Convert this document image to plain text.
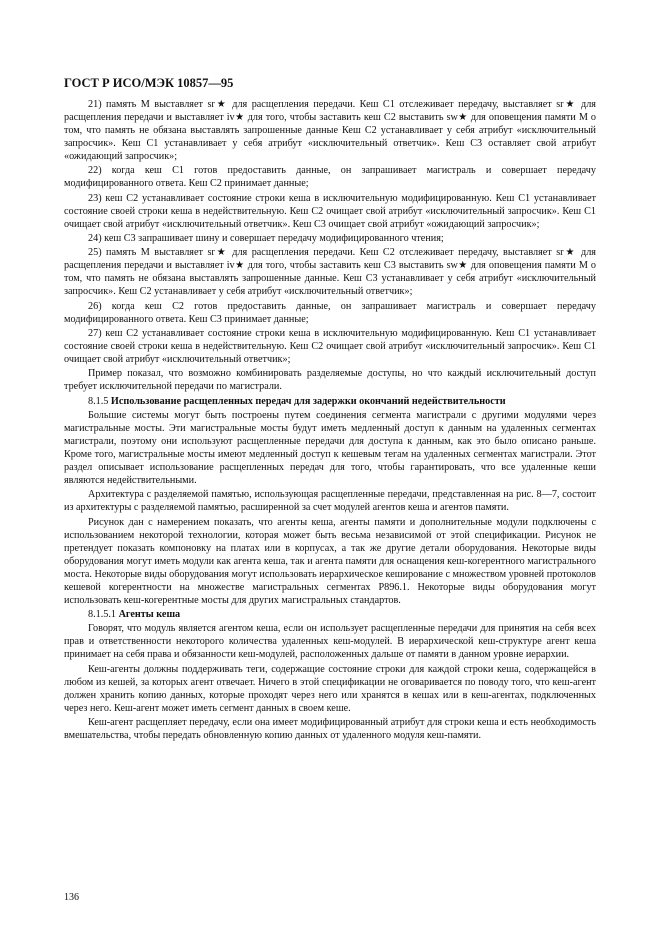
ГОСТ Р ИСО/МЭК 10857—95

21) память М выставляет sr★ для расщепления передачи. Кеш С1 отслеживает передачу, выставляет sr★ для расщепления передачи и выставляет iv★ для того, чтобы заставить кеш С2 выставить sw★ для оповещения памяти М о том, что память не обязана выставлять запрошенные данные Кеш С2 устанавливает у себя атрибут «исключительный запросчик». Кеш С1 устанавливает у себя атрибут «исключительный ответчик». Кеш С3 оставляет свой атрибут «ожидающий запросчик»;

22) когда кеш С1 готов предоставить данные, он запрашивает магистраль и совершает передачу модифицированного ответа. Кеш С2 принимает данные;

23) кеш С2 устанавливает состояние строки кеша в исключительную модифицированную. Кеш С1 устанавливает состояние своей строки кеша в недействительную. Кеш С2 очищает свой атрибут «исключительный запросчик». Кеш С1 очищает свой атрибут «исключительный ответчик». Кеш С3 очищает свой атрибут «ожидающий запросчик»;

24) кеш С3 запрашивает шину и совершает передачу модифицированного чтения;

25) память М выставляет sr★ для расщепления передачи. Кеш С2 отслеживает передачу, выставляет sr★ для расщепления передачи и выставляет iv★ для того, чтобы заставить кеш С3 выставить sw★ для оповещения памяти М о том, что память не обязана выставлять запрошенные данные. Кеш С3 устанавливает у себя атрибут «исключительный запросчик». Кеш С2 устанавливает у себя атрибут «исключительный ответчик»;

26) когда кеш С2 готов предоставить данные, он запрашивает магистраль и совершает передачу модифицированного ответа. Кеш С3 принимает данные;

27) кеш С2 устанавливает состояние строки кеша в исключительную модифицированную. Кеш С1 устанавливает состояние своей строки кеша в недействительную. Кеш С2 очищает свой атрибут «исключительный запросчик». Кеш С1 очищает свой атрибут «исключительный ответчик»;

Пример показал, что возможно комбинировать разделяемые доступы, но что каждый исключительный доступ требует исключительной передачи по магистрали.

8.1.5 Использование расщепленных передач для задержки окончаний недействительности

Большие системы могут быть построены путем соединения сегмента магистрали с другими модулями через магистральные мосты. Эти магистральные мосты будут иметь медленный доступ к данным на удаленных сегментах магистрали, поэтому они используют расщепленные передачи для доступа к данным, как это было описано раньше. Кроме того, магистральные мосты имеют медленный доступ к кешевым тегам на удаленных сегментах магистрали. Этот раздел описывает использование расщепленных передач для того, чтобы гарантировать, что все удаленные кеши являются недействительными.

Архитектура с разделяемой памятью, использующая расщепленные передачи, представленная на рис. 8—7, состоит из архитектуры с разделяемой памятью, расширенной за счет модулей агентов кеша и агентов памяти.

Рисунок дан с намерением показать, что агенты кеша, агенты памяти и дополнительные модули подключены с использованием некоторой технологии, которая может быть весьма независимой от этой спецификации. Рисунок не претендует показать компоновку на платах или в корпусах, а так же другие детали оборудования. Некоторые виды оборудования могут иметь модули как агента кеша, так и агента памяти для оснащения кеш-когерентного магистрального моста. Некоторые виды оборудования могут использовать иерархическое кеширование с множеством уровней протоколов кешевой когерентности на множестве магистральных сегментах Р896.1. Некоторые виды оборудования могут использовать кеш-когерентные мосты для других магистральных стандартов.

8.1.5.1 Агенты кеша

Говорят, что модуль является агентом кеша, если он использует расщепленные передачи для принятия на себя всех прав и ответственности некоторого количества удаленных кеш-модулей. В иерархической кеш-структуре агент кеша принимает на себя права и обязанности кеш-модулей, расположенных дальше от памяти в данном уровне иерархии.

Кеш-агенты должны поддерживать теги, содержащие состояние строки для каждой строки кеша, содержащейся в любом из кешей, за которых агент отвечает. Ничего в этой спецификации не оговаривается по поводу того, что кеш-агент должен хранить копию данных, которые проходят через него или хранятся в кешах или в кеш-агентах, подключенных через него. Кеш-агент может иметь сегмент данных в своем кеше.

Кеш-агент расщепляет передачу, если она имеет модифицированный атрибут для строки кеша и есть необходимость вмешательства, чтобы передать обновленную копию данных от удаленного модуля кеш-памяти.

136
